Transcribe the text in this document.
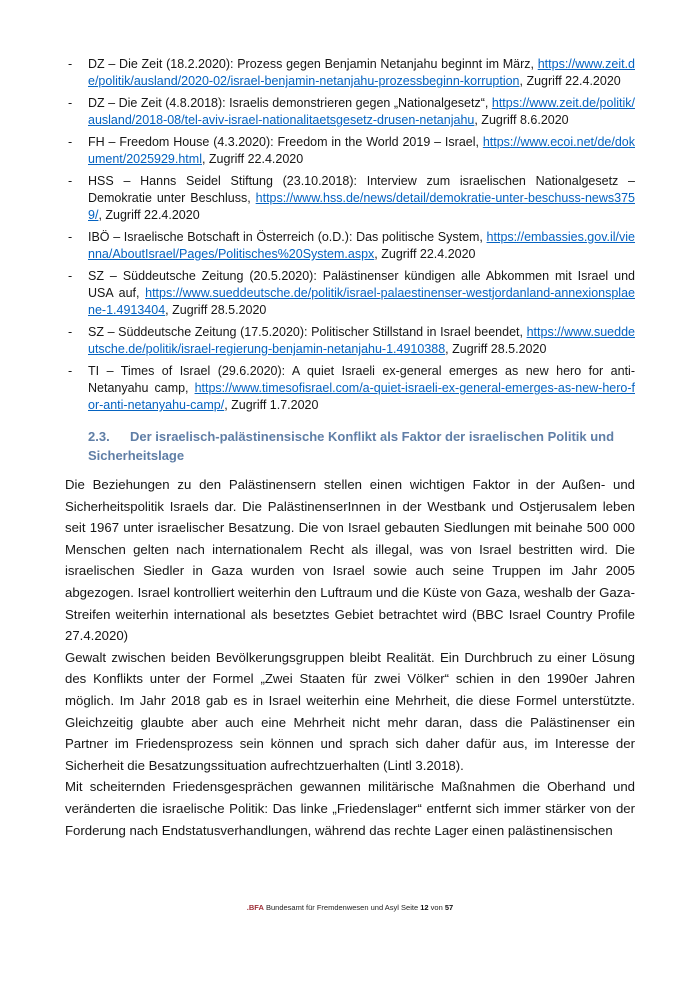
- DZ – Die Zeit (18.2.2020): Prozess gegen Benjamin Netanjahu beginnt im März, https://www.zeit.de/politik/ausland/2020-02/israel-benjamin-netanjahu-prozessbeginn-korruption, Zugriff 22.4.2020
- DZ – Die Zeit (4.8.2018): Israelis demonstrieren gegen „Nationalgesetz“, https://www.zeit.de/politik/ausland/2018-08/tel-aviv-israel-nationalitaetsgesetz-drusen-netanjahu, Zugriff 8.6.2020
- FH – Freedom House (4.3.2020): Freedom in the World 2019 – Israel, https://www.ecoi.net/de/dokument/2025929.html, Zugriff 22.4.2020
- HSS – Hanns Seidel Stiftung (23.10.2018): Interview zum israelischen Nationalgesetz – Demokratie unter Beschluss, https://www.hss.de/news/detail/demokratie-unter-beschuss-news3759/, Zugriff 22.4.2020
- IBÖ – Israelische Botschaft in Österreich (o.D.): Das politische System, https://embassies.gov.il/vienna/AboutIsrael/Pages/Politisches%20System.aspx, Zugriff 22.4.2020
- SZ – Süddeutsche Zeitung (20.5.2020): Palästinenser kündigen alle Abkommen mit Israel und USA auf, https://www.sueddeutsche.de/politik/israel-palaestinenser-westjordanland-annexionsplaene-1.4913404, Zugriff 28.5.2020
- SZ – Süddeutsche Zeitung (17.5.2020): Politischer Stillstand in Israel beendet, https://www.sueddeutsche.de/politik/israel-regierung-benjamin-netanjahu-1.4910388, Zugriff 28.5.2020
- TI – Times of Israel (29.6.2020): A quiet Israeli ex-general emerges as new hero for anti-Netanyahu camp, https://www.timesofisrael.com/a-quiet-israeli-ex-general-emerges-as-new-hero-for-anti-netanyahu-camp/, Zugriff 1.7.2020
2.3. Der israelisch-palästinensische Konflikt als Faktor der israelischen Politik und Sicherheitslage

Die Beziehungen zu den Palästinensern stellen einen wichtigen Faktor in der Außen- und Sicherheitspolitik Israels dar. Die PalästinenserInnen in der Westbank und Ostjerusalem leben seit 1967 unter israelischer Besatzung. Die von Israel gebauten Siedlungen mit beinahe 500 000 Menschen gelten nach internationalem Recht als illegal, was von Israel bestritten wird. Die israelischen Siedler in Gaza wurden von Israel sowie auch seine Truppen im Jahr 2005 abgezogen. Israel kontrolliert weiterhin den Luftraum und die Küste von Gaza, weshalb der Gaza-Streifen weiterhin international als besetztes Gebiet betrachtet wird (BBC Israel Country Profile 27.4.2020)

Gewalt zwischen beiden Bevölkerungsgruppen bleibt Realität. Ein Durchbruch zu einer Lösung des Konflikts unter der Formel „Zwei Staaten für zwei Völker“ schien in den 1990er Jahren möglich. Im Jahr 2018 gab es in Israel weiterhin eine Mehrheit, die diese Formel unterstützte. Gleichzeitig glaubte aber auch eine Mehrheit nicht mehr daran, dass die Palästinenser ein Partner im Friedensprozess sein können und sprach sich daher dafür aus, im Interesse der Sicherheit die Besatzungssituation aufrechtzuerhalten (Lintl 3.2018).

Mit scheiternden Friedensgesprächen gewannen militärische Maßnahmen die Oberhand und veränderten die israelische Politik: Das linke „Friedenslager“ entfernt sich immer stärker von der Forderung nach Endstatusverhandlungen, während das rechte Lager einen palästinensischen

.BFA Bundesamt für Fremdenwesen und Asyl Seite 12 von 57
